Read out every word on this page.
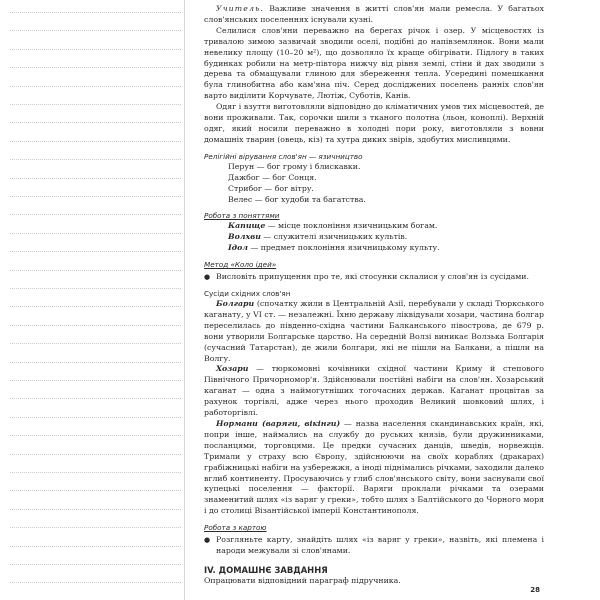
Учитель. Важливе значення в житті слов'ян мали ремесла. У багатьох слов'янських поселеннях існували кузні.

Селилися слов'яни переважно на берегах річок і озер. У місцевостях із тривалою зимою зазвичай зводили оселі, подібні до напівземлянок. Вони мали невелику площу (10–20 м²), що дозволяло їх краще обігрівати. Підлогу в таких будинках робили на метр-півтора нижчу від рівня землі, стіни й дах зводили з дерева та обмащували глиною для збереження тепла. Усередині помешкання була глинобитна або кам'яна піч. Серед досліджених поселень ранніх слов'ян варто виділити Корчувате, Лютіж, Суботів, Канів.

Одяг і взуття виготовляли відповідно до кліматичних умов тих місцевостей, де вони проживали. Так, сорочки шили з тканого полотна (льон, коноплі). Верхній одяг, який носили переважно в холодні пори року, виготовляли з вовни домашніх тварин (овець, кіз) та хутра диких звірів, здобутих мисливцями.

Релігійні вірування слов'ян — язичництво

Перун — бог грому і блискавки.

Дажбог — бог Сонця.

Стрибог — бог вітру.

Велес — бог худоби та багатства.

Робота з поняттями

Капище — місце поклоніння язичницьким богам.

Волхви — служителі язичницьких культів.

Ідол — предмет поклоніння язичницькому культу.

Метод «Коло ідей»
● Висловіть припущення про те, які стосунки склалися у слов'ян із сусідами.
Сусіди східних слов'ян

Болгари (спочатку жили в Центральній Азії, перебували у складі Тюркського каганату, у VI ст. — незалежні. Їхню державу ліквідували хозари, частина болгар переселилась до південно-східна частини Балканського півострова, де 679 р. вони утворили Болгарське царство. На середній Волзі виникає Волзька Болгарія (сучасний Татарстан), де жили болгари, які не пішли на Балкани, а пішли на Волгу.

Хозари — тюркомовні кочівники східної частини Криму й степового Північного Причорномор'я. Здійснювали постійні набіги на слов'ян. Хозарський каганат — одна з наймогутніших тогочасних держав. Каганат процвітав за рахунок торгівлі, адже через нього проходив Великий шовковий шлях, і работоргівлі.

Нормани (варяги, вікінги) — назва населення скандинавських країн, які, попри інше, наймались на службу до руських князів, були дружинниками, посланцями, торговцями. Це предки сучасних данців, шведів, норвежців. Тримали у страху всю Європу, здійснюючи на своїх кораблях (дракарах) грабіжницькі набіги на узбережжя, а іноді піднімались річками, заходили далеко вглиб континенту. Просуваючись у глиб слов'янського світу, вони заснували свої купецькі поселення — факторії. Варяги проклали річками та озерами знаменитий шлях «із варяг у греки», тобто шлях з Балтійського до Чорного моря і до столиці Візантійської імперії Константинополя.

Робота з картою
● Розгляньте карту, знайдіть шлях «із варяг у греки», назвіть, які племена і народи межували зі слов'янами.
IV. ДОМАШНЄ ЗАВДАННЯ

Опрацювати відповідний параграф підручника.

28
